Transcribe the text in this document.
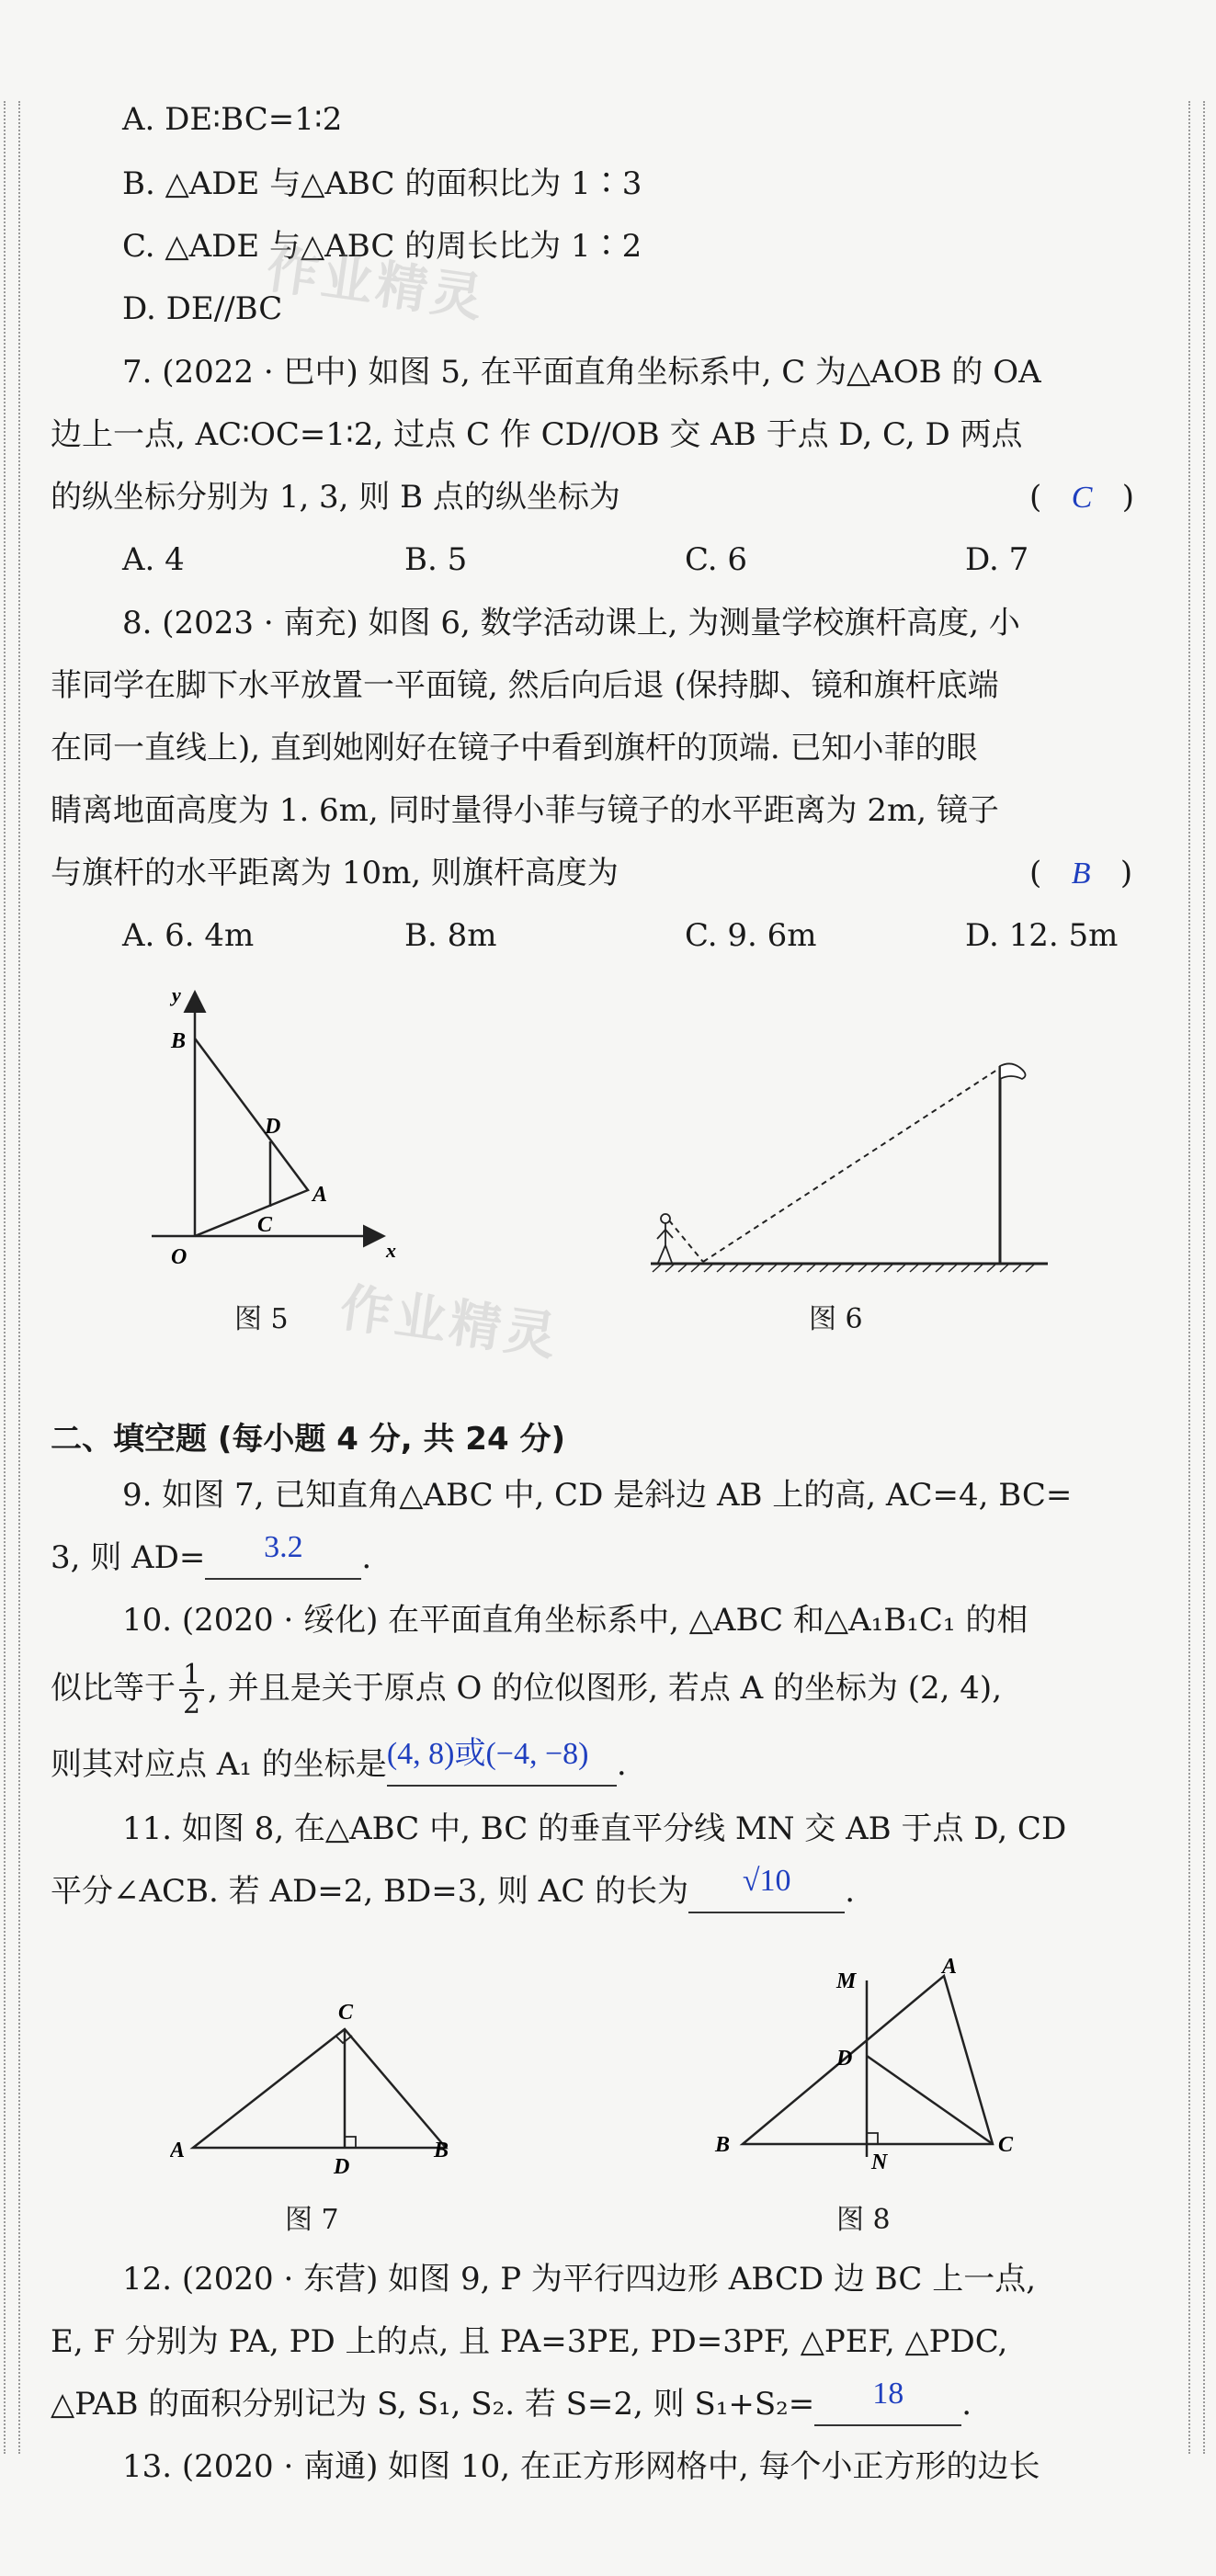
A. DE∶BC=1∶2
B. △ADE 与△ABC 的面积比为 1∶3
C. △ADE 与△ABC 的周长比为 1∶2
D. DE//BC
作业精灵
7. (2022 · 巴中) 如图 5, 在平面直角坐标系中, C 为△AOB 的 OA
边上一点, AC∶OC=1∶2, 过点 C 作 CD//OB 交 AB 于点 D, C, D 两点
的纵坐标分别为 1, 3, 则 B 点的纵坐标为	(   C   )
A. 4	B. 5	C. 6	D. 7
8. (2023 · 南充) 如图 6, 数学活动课上, 为测量学校旗杆高度, 小
菲同学在脚下水平放置一平面镜, 然后向后退 (保持脚、镜和旗杆底端
在同一直线上), 直到她刚好在镜子中看到旗杆的顶端. 已知小菲的眼
睛离地面高度为 1. 6m, 同时量得小菲与镜子的水平距离为 2m, 镜子
与旗杆的水平距离为 10m, 则旗杆高度为	(   B   )
A. 6. 4m	B. 8m	C. 9. 6m	D. 12. 5m
y
x
O
B
D
A
C
图 5	图 6
作业精灵
二、填空题 (每小题 4 分, 共 24 分)
9. 如图 7, 已知直角△ABC 中, CD 是斜边 AB 上的高, AC=4, BC=
3, 则 AD= 3.2 .
10. (2020 · 绥化) 在平面直角坐标系中, △ABC 和△A₁B₁C₁ 的相
似比等于 $\frac{1}{2}$ , 并且是关于原点 O 的位似图形, 若点 A 的坐标为 (2, 4),
则其对应点 A₁ 的坐标是(4, 8)或(−4, −8) .
11. 如图 8, 在△ABC 中, BC 的垂直平分线 MN 交 AB 于点 D, CD
平分∠ACB. 若 AD=2, BD=3, 则 AC 的长为 √10 .
C
A	B
D
图 7
M
A
D
B
N
C
图 8
12. (2020 · 东营) 如图 9, P 为平行四边形 ABCD 边 BC 上一点,
E, F 分别为 PA, PD 上的点, 且 PA=3PE, PD=3PF, △PEF, △PDC,
△PAB 的面积分别记为 S, S₁, S₂. 若 S=2, 则 S₁+S₂= 18 .
13. (2020 · 南通) 如图 10, 在正方形网格中, 每个小正方形的边长
